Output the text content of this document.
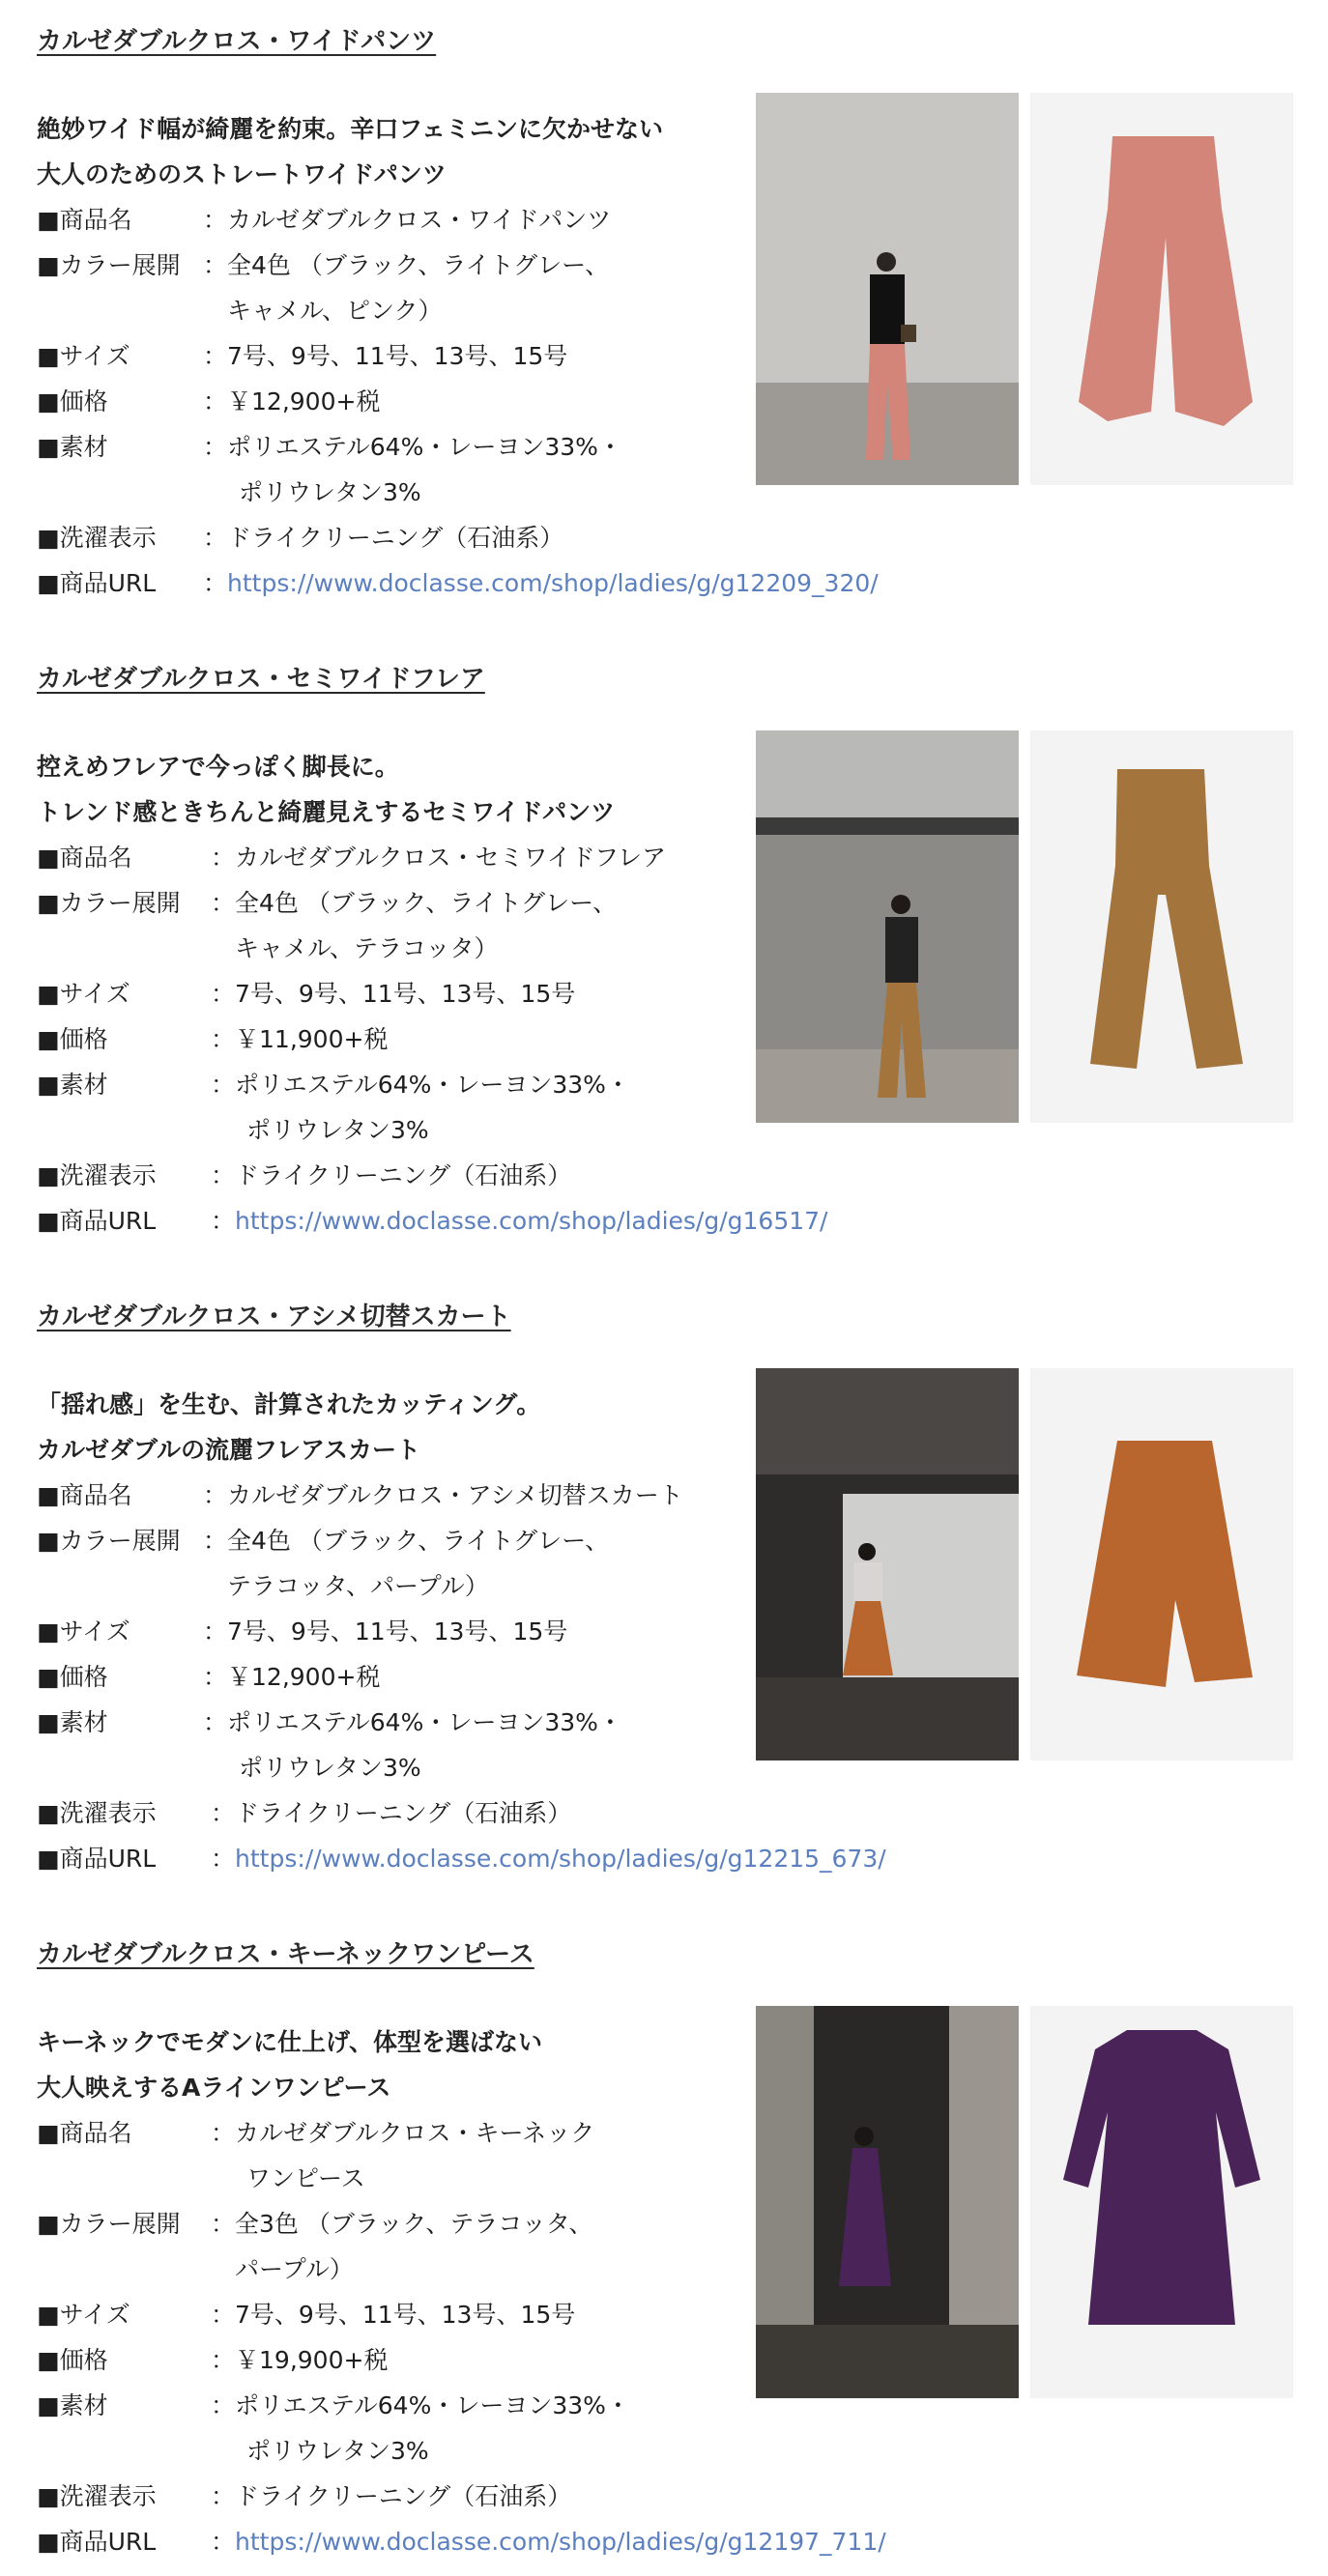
カルゼダブルクロス・ワイドパンツ
絶妙ワイド幅が綺麗を約束。辛口フェミニンに欠かせない
大人のためのストレートワイドパンツ
■商品名	： カルゼダブルクロス・ワイドパンツ
■カラー展開 ： 全4色 （ブラック、ライトグレー、
キャメル、ピンク）
■サイズ	： 7号、9号、11号、13号、15号
■価格	： ￥12,900+税
■素材	： ポリエステル64%・レーヨン33%・
ポリウレタン3%
■洗濯表示	： ドライクリーニング（石油系）
■商品URL	： https://www.doclasse.com/shop/ladies/g/g12209_320/
カルゼダブルクロス・セミワイドフレア
控えめフレアで今っぽく脚長に。
トレンド感ときちんと綺麗見えするセミワイドパンツ
■商品名	： カルゼダブルクロス・セミワイドフレア
■カラー展開	： 全4色 （ブラック、ライトグレー、
キャメル、テラコッタ）
■サイズ	： 7号、9号、11号、13号、15号
■価格	： ￥11,900+税
■素材	： ポリエステル64%・レーヨン33%・
ポリウレタン3%
■洗濯表示	： ドライクリーニング（石油系）
■商品URL	： https://www.doclasse.com/shop/ladies/g/g16517/
カルゼダブルクロス・アシメ切替スカート
「揺れ感」を生む、計算されたカッティング。
カルゼダブルの流麗フレアスカート
■商品名	： カルゼダブルクロス・アシメ切替スカート
■カラー展開 ： 全4色 （ブラック、ライトグレー、
テラコッタ、パープル）
■サイズ	： 7号、9号、11号、13号、15号
■価格	： ￥12,900+税
■素材	： ポリエステル64%・レーヨン33%・
ポリウレタン3%
■洗濯表示	： ドライクリーニング（石油系）
■商品URL	： https://www.doclasse.com/shop/ladies/g/g12215_673/
カルゼダブルクロス・キーネックワンピース
キーネックでモダンに仕上げ、体型を選ばない
大人映えするAラインワンピース
■商品名	： カルゼダブルクロス・キーネック
ワンピース
■カラー展開	： 全3色 （ブラック、テラコッタ、
パープル）
■サイズ	： 7号、9号、11号、13号、15号
■価格	： ￥19,900+税
■素材	： ポリエステル64%・レーヨン33%・
ポリウレタン3%
■洗濯表示	： ドライクリーニング（石油系）
■商品URL	： https://www.doclasse.com/shop/ladies/g/g12197_711/
